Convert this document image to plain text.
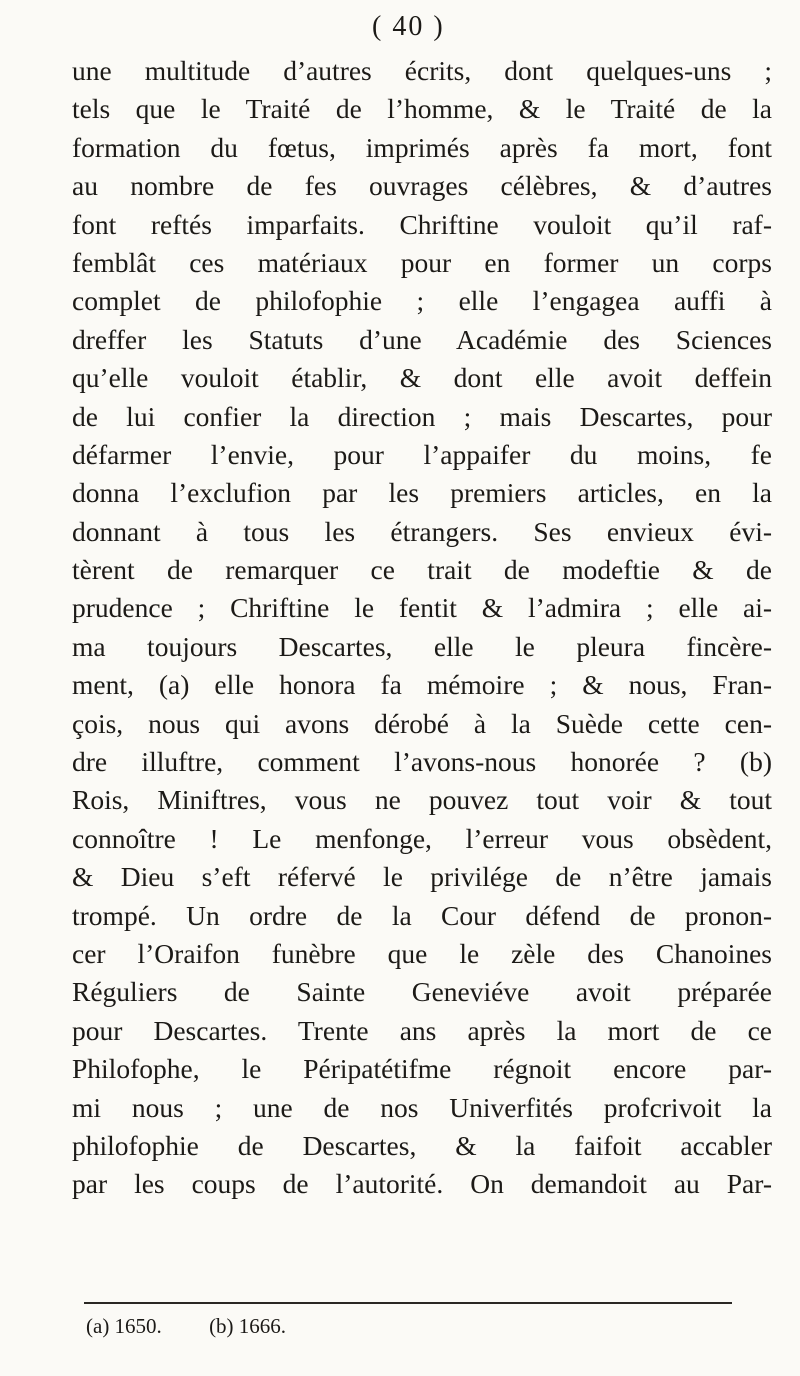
( 40 )
une multitude d’autres écrits, dont quelques-uns ;
tels que le Traité de l’homme, & le Traité de la
formation du fœtus, imprimés après fa mort, font
au nombre de fes ouvrages célèbres, & d’autres
font reftés imparfaits. Chriftine vouloit qu’il raf-
femblât ces matériaux pour en former un corps
complet de philofophie ; elle l’engagea auffi à
dreffer les Statuts d’une Académie des Sciences
qu’elle vouloit établir, & dont elle avoit deffein
de lui confier la direction ; mais Descartes, pour
défarmer l’envie, pour l’appaifer du moins, fe
donna l’exclufion par les premiers articles, en la
donnant à tous les étrangers. Ses envieux évi-
tèrent de remarquer ce trait de modeftie & de
prudence ; Chriftine le fentit & l’admira ; elle ai-
ma toujours Descartes, elle le pleura fincère-
ment, (a) elle honora fa mémoire ; & nous, Fran-
çois, nous qui avons dérobé à la Suède cette cen-
dre illuftre, comment l’avons-nous honorée ? (b)
Rois, Miniftres, vous ne pouvez tout voir & tout
connoître ! Le menfonge, l’erreur vous obsèdent,
& Dieu s’eft réfervé le privilége de n’être jamais
trompé. Un ordre de la Cour défend de pronon-
cer l’Oraifon funèbre que le zèle des Chanoines
Réguliers de Sainte Geneviéve avoit préparée
pour Descartes. Trente ans après la mort de ce
Philofophe, le Péripatétifme régnoit encore par-
mi nous ; une de nos Univerfités profcrivoit la
philofophie de Descartes, & la faifoit accabler
par les coups de l’autorité. On demandoit au Par-
(a) 1650. (b) 1666.
